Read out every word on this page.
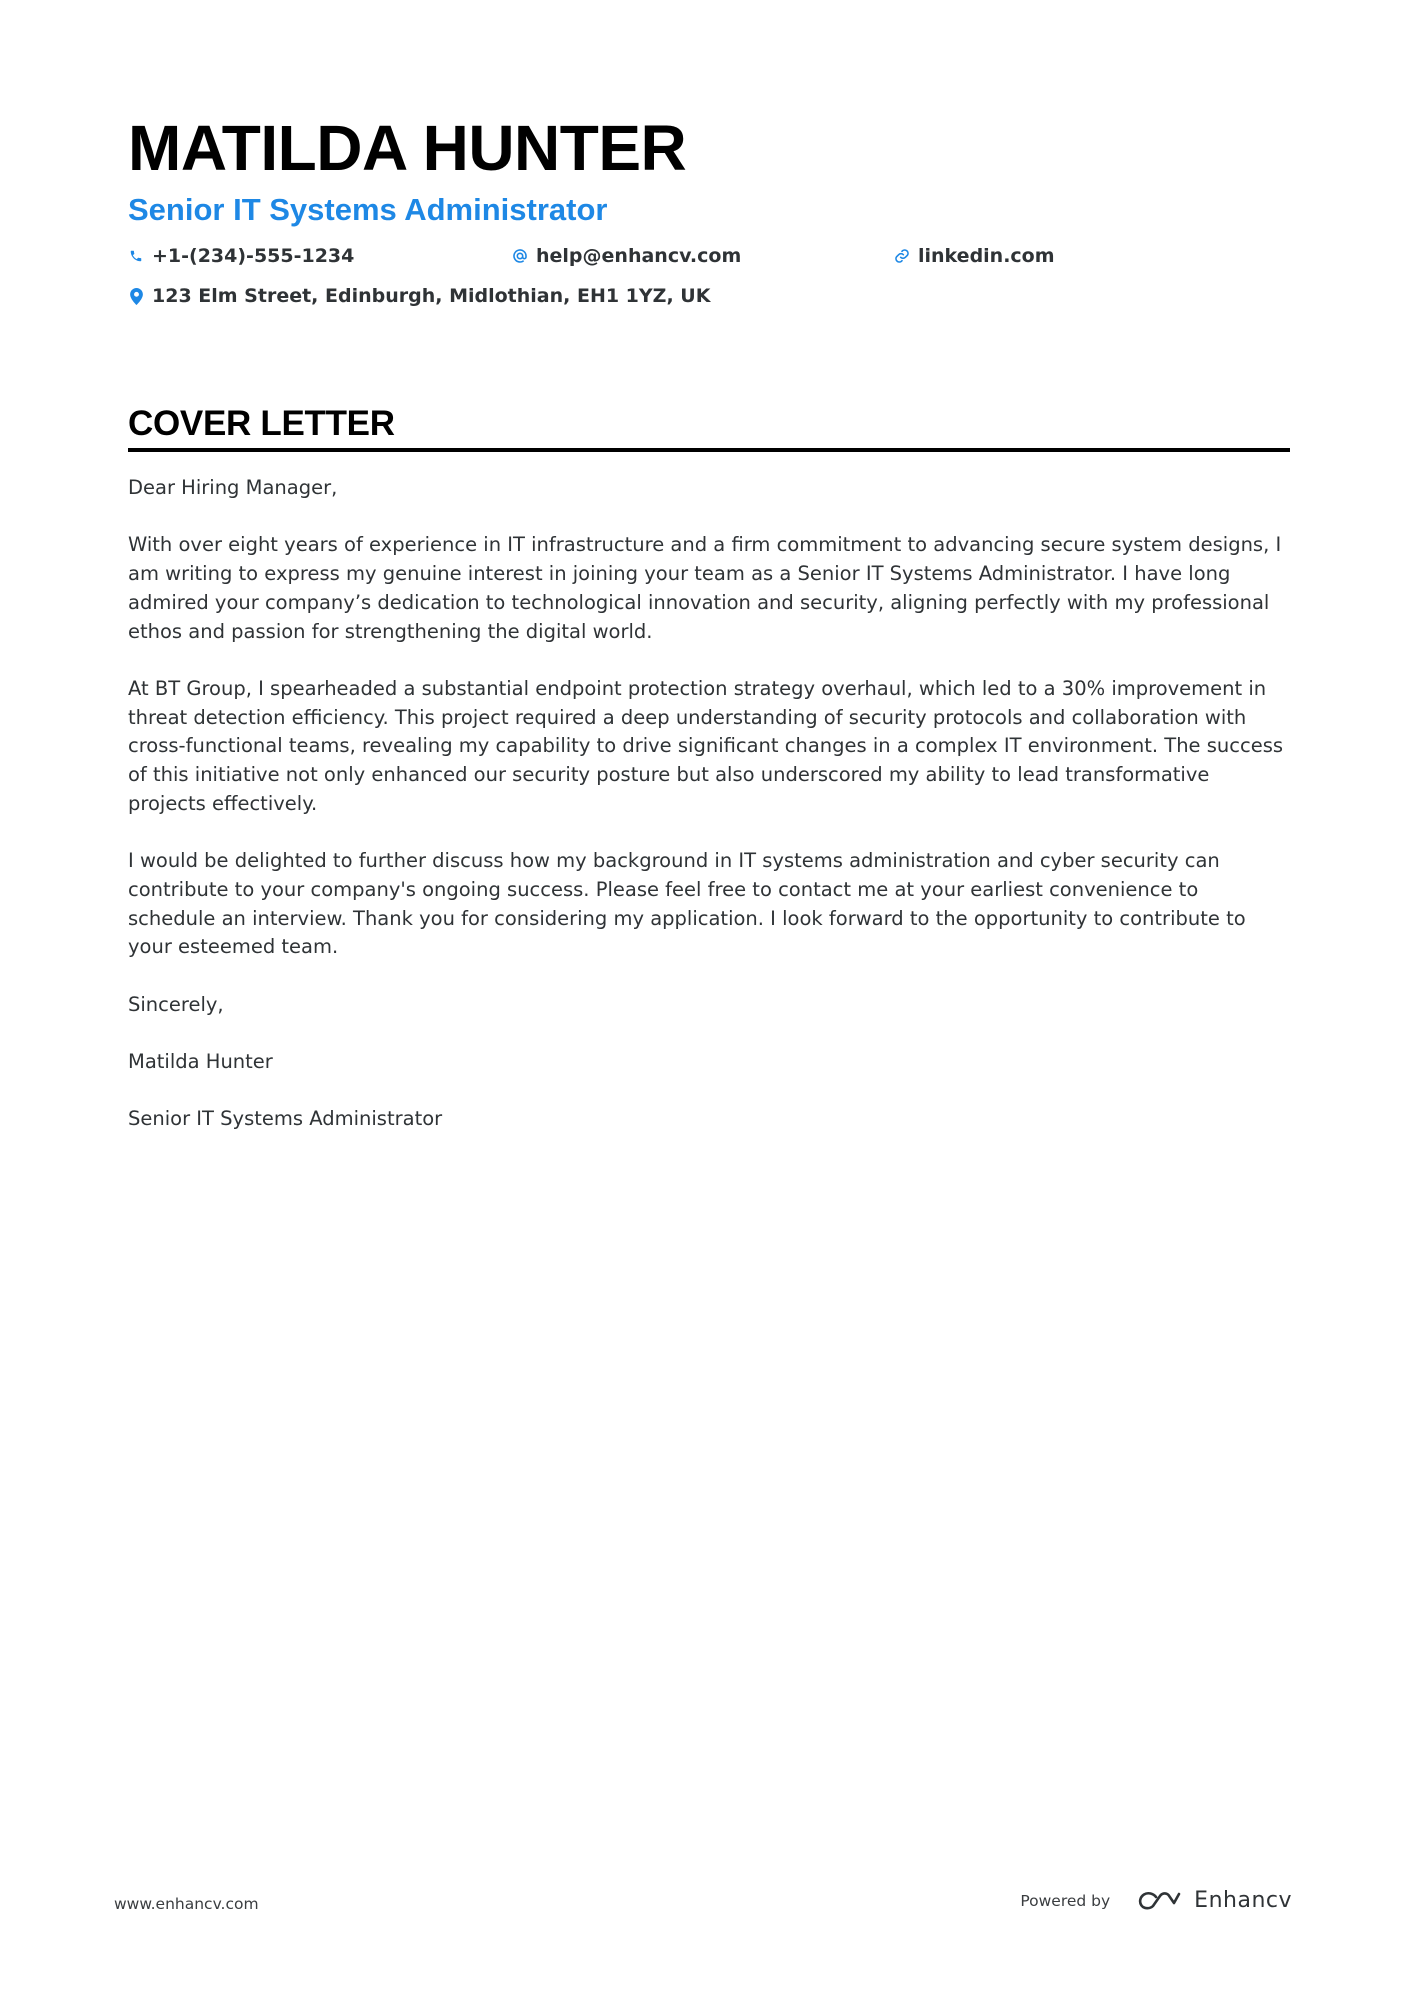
MATILDA HUNTER
Senior IT Systems Administrator
+1-(234)-555-1234	help@enhancv.com	linkedin.com
123 Elm Street, Edinburgh, Midlothian, EH1 1YZ, UK
COVER LETTER

Dear Hiring Manager,

With over eight years of experience in IT infrastructure and a firm commitment to advancing secure system designs, I am writing to express my genuine interest in joining your team as a Senior IT Systems Administrator. I have long admired your company’s dedication to technological innovation and security, aligning perfectly with my professional ethos and passion for strengthening the digital world.

At BT Group, I spearheaded a substantial endpoint protection strategy overhaul, which led to a 30% improvement in threat detection efficiency. This project required a deep understanding of security protocols and collaboration with cross-functional teams, revealing my capability to drive significant changes in a complex IT environment. The success of this initiative not only enhanced our security posture but also underscored my ability to lead transformative projects effectively.

I would be delighted to further discuss how my background in IT systems administration and cyber security can contribute to your company's ongoing success. Please feel free to contact me at your earliest convenience to schedule an interview. Thank you for considering my application. I look forward to the opportunity to contribute to your esteemed team.

Sincerely,

Matilda Hunter

Senior IT Systems Administrator

www.enhancv.com	Powered by	Enhancv
